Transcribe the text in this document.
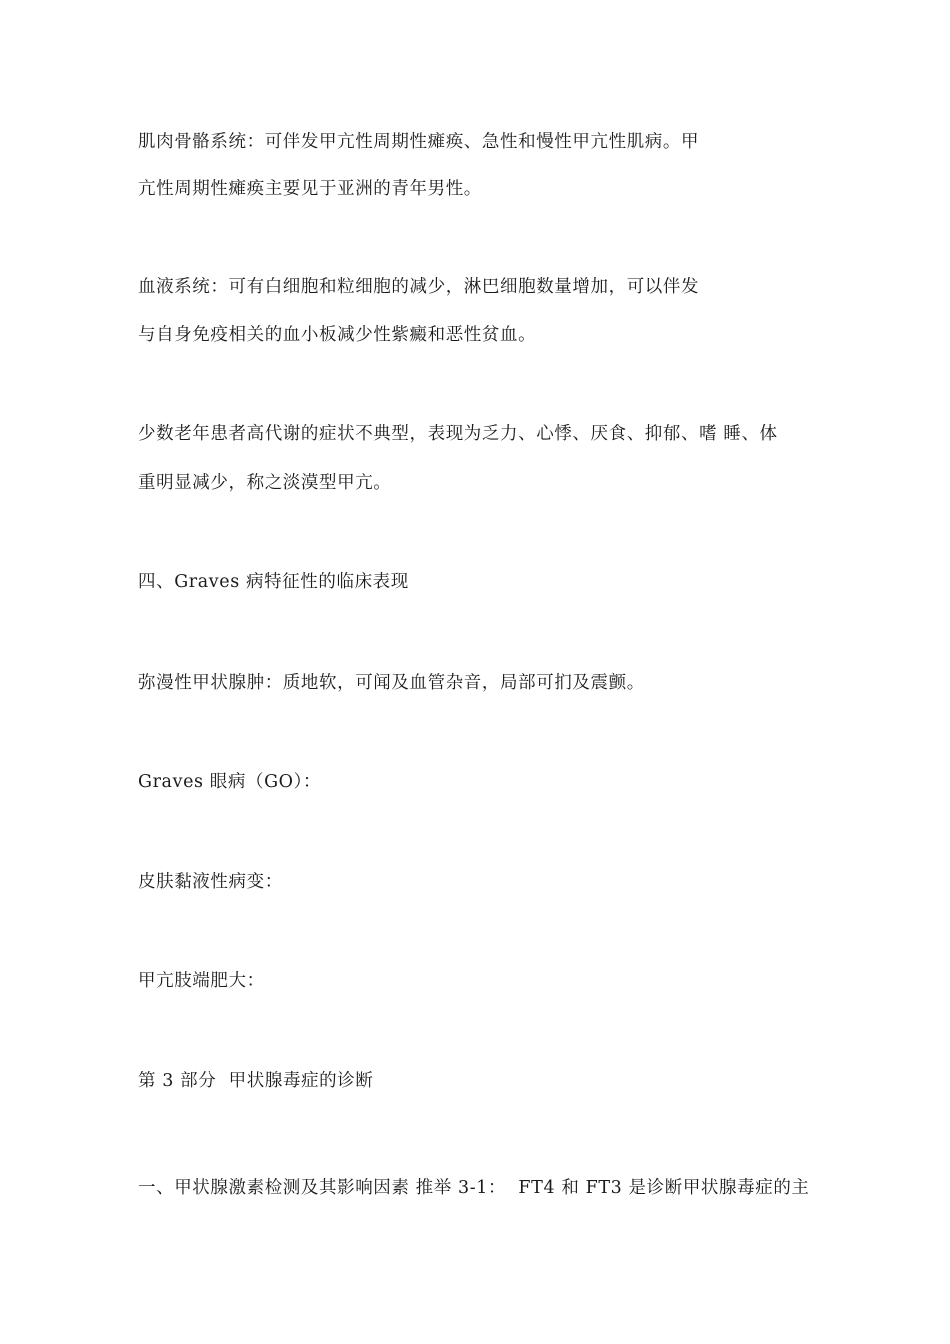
肌肉骨骼系统：可伴发甲亢性周期性瘫痪、急性和慢性甲亢性肌病。甲
亢性周期性瘫痪主要见于亚洲的青年男性。
血液系统：可有白细胞和粒细胞的减少，淋巴细胞数量增加，可以伴发
与自身免疫相关的血小板减少性紫癜和恶性贫血。
少数老年患者高代谢的症状不典型，表现为乏力、心悸、厌食、抑郁、嗜 睡、体
重明显减少，称之淡漠型甲亢。
四、Graves 病特征性的临床表现
弥漫性甲状腺肿：质地软，可闻及血管杂音，局部可扪及震颤。
Graves 眼病（GO）：
皮肤黏液性病变：
甲亢肢端肥大：
第 3 部分  甲状腺毒症的诊断
一、甲状腺激素检测及其影响因素 推举 3-1：  FT4 和 FT3 是诊断甲状腺毒症的主
